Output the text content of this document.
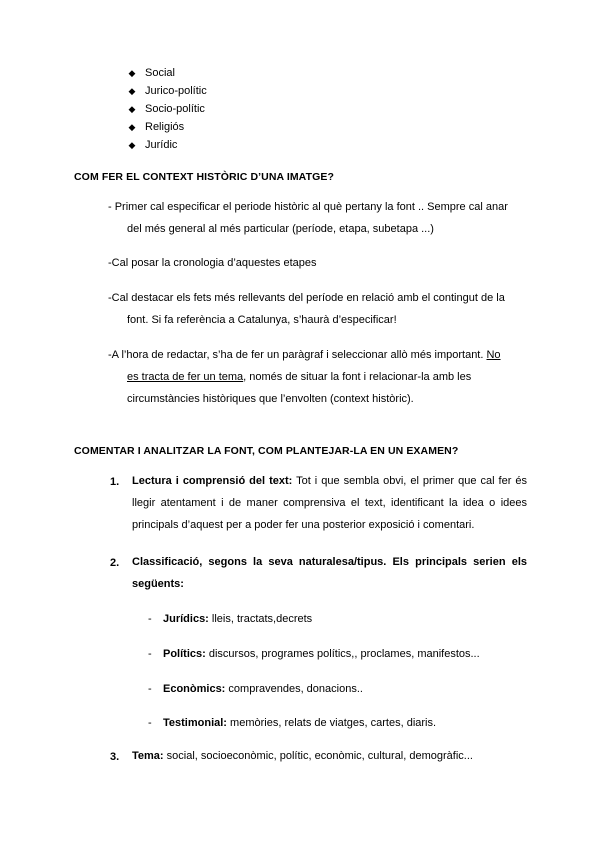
◆ Social
◆ Jurico-polític
◆ Socio-polític
◆ Religiós
◆ Jurídic
COM FER EL CONTEXT HISTÒRIC D’UNA IMATGE?
- Primer cal especificar el periode històric al què pertany la font .. Sempre cal anar
del més general al més particular (període, etapa, subetapa ...)
-Cal posar la cronologia d’aquestes etapes
-Cal destacar els fets més rellevants del període en relació amb el contingut de la
font. Si fa referència a Catalunya, s’haurà d’especificar!
-A l’hora de redactar, s’ha de fer un paràgraf i seleccionar allò més important. No
es tracta de fer un tema, només de situar la font i relacionar-la amb les
circumstàncies històriques que l’envolten (context històric).
COMENTAR I ANALITZAR LA FONT, COM PLANTEJAR-LA EN UN EXAMEN?
1. Lectura i comprensió del text: Tot i que sembla obvi, el primer que cal fer és llegir atentament i de maner comprensiva el text, identificant la idea o idees principals d’aquest per a poder fer una posterior exposició i comentari.
2. Classificació, segons la seva naturalesa/tipus. Els principals serien els següents:
- Jurídics: lleis, tractats,decrets
- Polítics: discursos, programes polítics,, proclames, manifestos...
- Econòmics: compravendes, donacions..
- Testimonial: memòries, relats de viatges, cartes, diaris.
3. Tema: social, socioeconòmic, polític, econòmic, cultural, demogràfic...
